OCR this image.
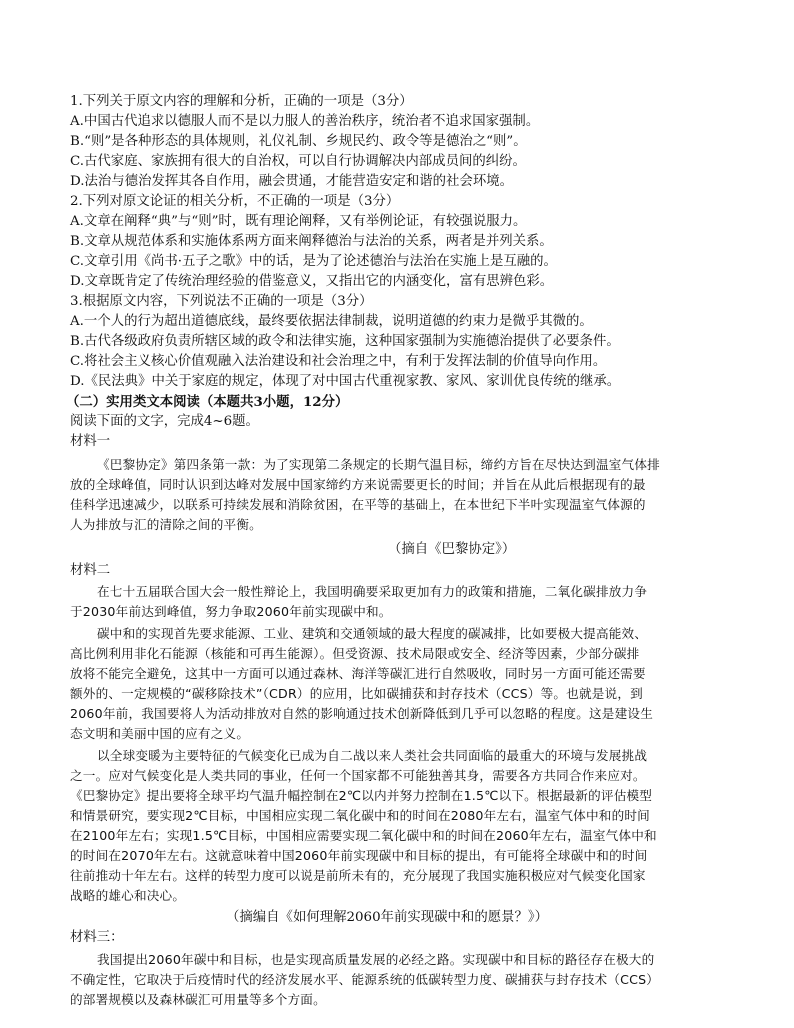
1.下列关于原文内容的理解和分析，正确的一项是（3分）
A.中国古代追求以德服人而不是以力服人的善治秩序，统治者不追求国家强制。
B.“则”是各种形态的具体规则，礼仪礼制、乡规民约、政令等是德治之“则”。
C.古代家庭、家族拥有很大的自治权，可以自行协调解决内部成员间的纠纷。
D.法治与德治发挥其各自作用，融会贯通，才能营造安定和谐的社会环境。
2.下列对原文论证的相关分析，不正确的一项是（3分）
A.文章在阐释“典”与“则”时，既有理论阐释，又有举例论证，有较强说服力。
B.文章从规范体系和实施体系两方面来阐释德治与法治的关系，两者是并列关系。
C.文章引用《尚书·五子之歌》中的话，是为了论述德治与法治在实施上是互融的。
D.文章既肯定了传统治理经验的借鉴意义，又指出它的内涵变化，富有思辨色彩。
3.根据原文内容，下列说法不正确的一项是（3分）
A.一个人的行为超出道德底线，最终要依据法律制裁，说明道德的约束力是微乎其微的。
B.古代各级政府负责所辖区域的政令和法律实施，这种国家强制为实施德治提供了必要条件。
C.将社会主义核心价值观融入法治建设和社会治理之中，有利于发挥法制的价值导向作用。
D.《民法典》中关于家庭的规定，体现了对中国古代重视家教、家风、家训优良传统的继承。
（二）实用类文本阅读（本题共3小题，12分）
阅读下面的文字，完成4~6题。
材料一
《巴黎协定》第四条第一款：为了实现第二条规定的长期气温目标，缔约方旨在尽快达到温室气体排
放的全球峰值，同时认识到达峰对发展中国家缔约方来说需要更长的时间；并旨在从此后根据现有的最
佳科学迅速减少，以联系可持续发展和消除贫困，在平等的基础上，在本世纪下半叶实现温室气体源的
人为排放与汇的清除之间的平衡。
（摘自《巴黎协定》）
材料二
在七十五届联合国大会一般性辩论上，我国明确要采取更加有力的政策和措施，二氧化碳排放力争
于2030年前达到峰值，努力争取2060年前实现碳中和。
碳中和的实现首先要求能源、工业、建筑和交通领域的最大程度的碳减排，比如要极大提高能效、
高比例利用非化石能源（核能和可再生能源）。但受资源、技术局限或安全、经济等因素，少部分碳排
放将不能完全避免，这其中一方面可以通过森林、海洋等碳汇进行自然吸收，同时另一方面可能还需要
额外的、一定规模的“碳移除技术”（CDR）的应用，比如碳捕获和封存技术（CCS）等。也就是说，到
2060年前，我国要将人为活动排放对自然的影响通过技术创新降低到几乎可以忽略的程度。这是建设生
态文明和美丽中国的应有之义。
以全球变暖为主要特征的气候变化已成为自二战以来人类社会共同面临的最重大的环境与发展挑战
之一。应对气候变化是人类共同的事业，任何一个国家都不可能独善其身，需要各方共同合作来应对。
《巴黎协定》提出要将全球平均气温升幅控制在2℃以内并努力控制在1.5℃以下。根据最新的评估模型
和情景研究，要实现2℃目标，中国相应实现二氧化碳中和的时间在2080年左右，温室气体中和的时间
在2100年左右；实现1.5℃目标，中国相应需要实现二氧化碳中和的时间在2060年左右，温室气体中和
的时间在2070年左右。这就意味着中国2060年前实现碳中和目标的提出，有可能将全球碳中和的时间
往前推动十年左右。这样的转型力度可以说是前所未有的，充分展现了我国实施积极应对气候变化国家
战略的雄心和决心。
（摘编自《如何理解2060年前实现碳中和的愿景？》）
材料三：
我国提出2060年碳中和目标，也是实现高质量发展的必经之路。实现碳中和目标的路径存在极大的
不确定性，它取决于后疫情时代的经济发展水平、能源系统的低碳转型力度、碳捕获与封存技术（CCS）
的部署规模以及森林碳汇可用量等多个方面。
